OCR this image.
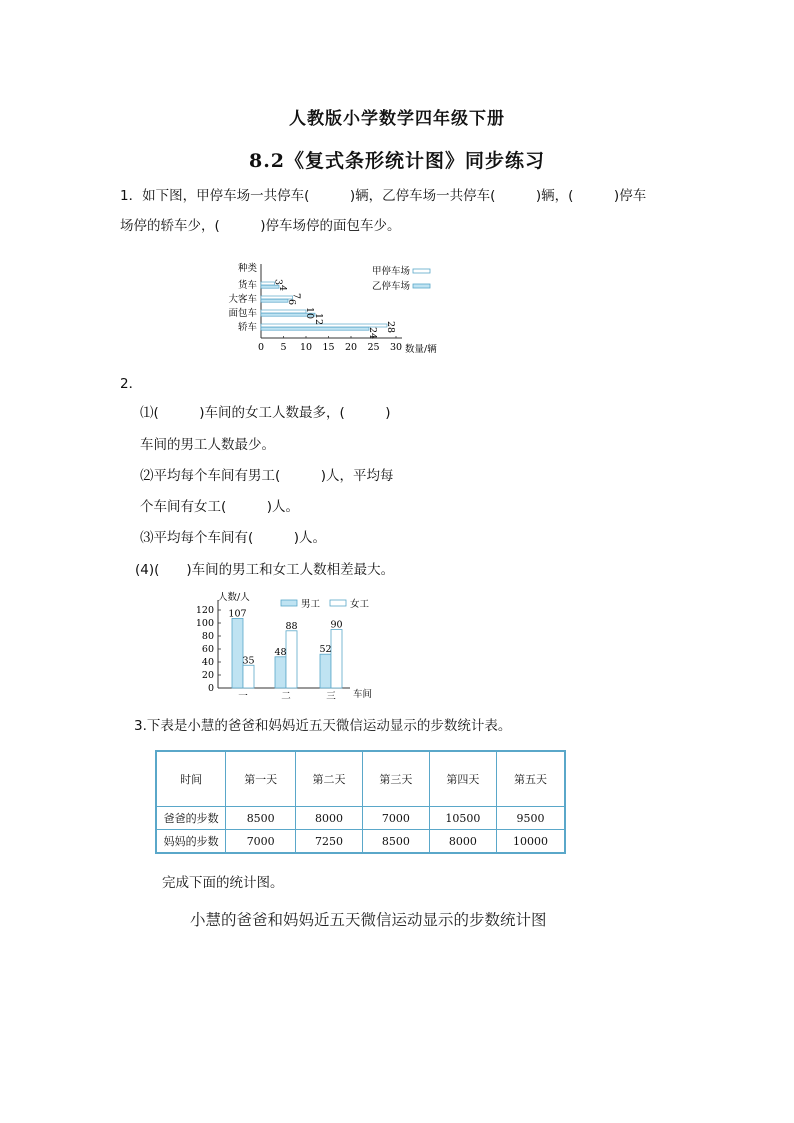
人教版小学数学四年级下册
8.2《复式条形统计图》同步练习
1．如下图，甲停车场一共停车(　　　)辆，乙停车场一共停车(　　　)辆，(　　　)停车
场停的轿车少，(　　　)停车场停的面包车少。
种类
0 5 10 15 20 25 30 数量/辆
货车 3
4
大客车	7
6
面包车	10
12
轿车	28
24
甲停车场
乙停车场
2．
⑴(　　　)车间的女工人数最多，(　　　)
车间的男工人数最少。
⑵平均每个车间有男工(　　　)人，平均每
个车间有女工(　　　)人。
⑶平均每个车间有(　　　)人。
(4)(　　)车间的男工和女工人数相差最大。
人数/人
车间
0
20
40
60
80
100
120 107
35
一
48
88
二
52
90
三
男工	女工
3.下表是小慧的爸爸和妈妈近五天微信运动显示的步数统计表。
时间	第一天	第二天	第三天	第四天	第五天
爸爸的步数	8500	8000	7000	10500	9500
妈妈的步数	7000	7250	8500	8000	10000
完成下面的统计图。
小慧的爸爸和妈妈近五天微信运动显示的步数统计图
